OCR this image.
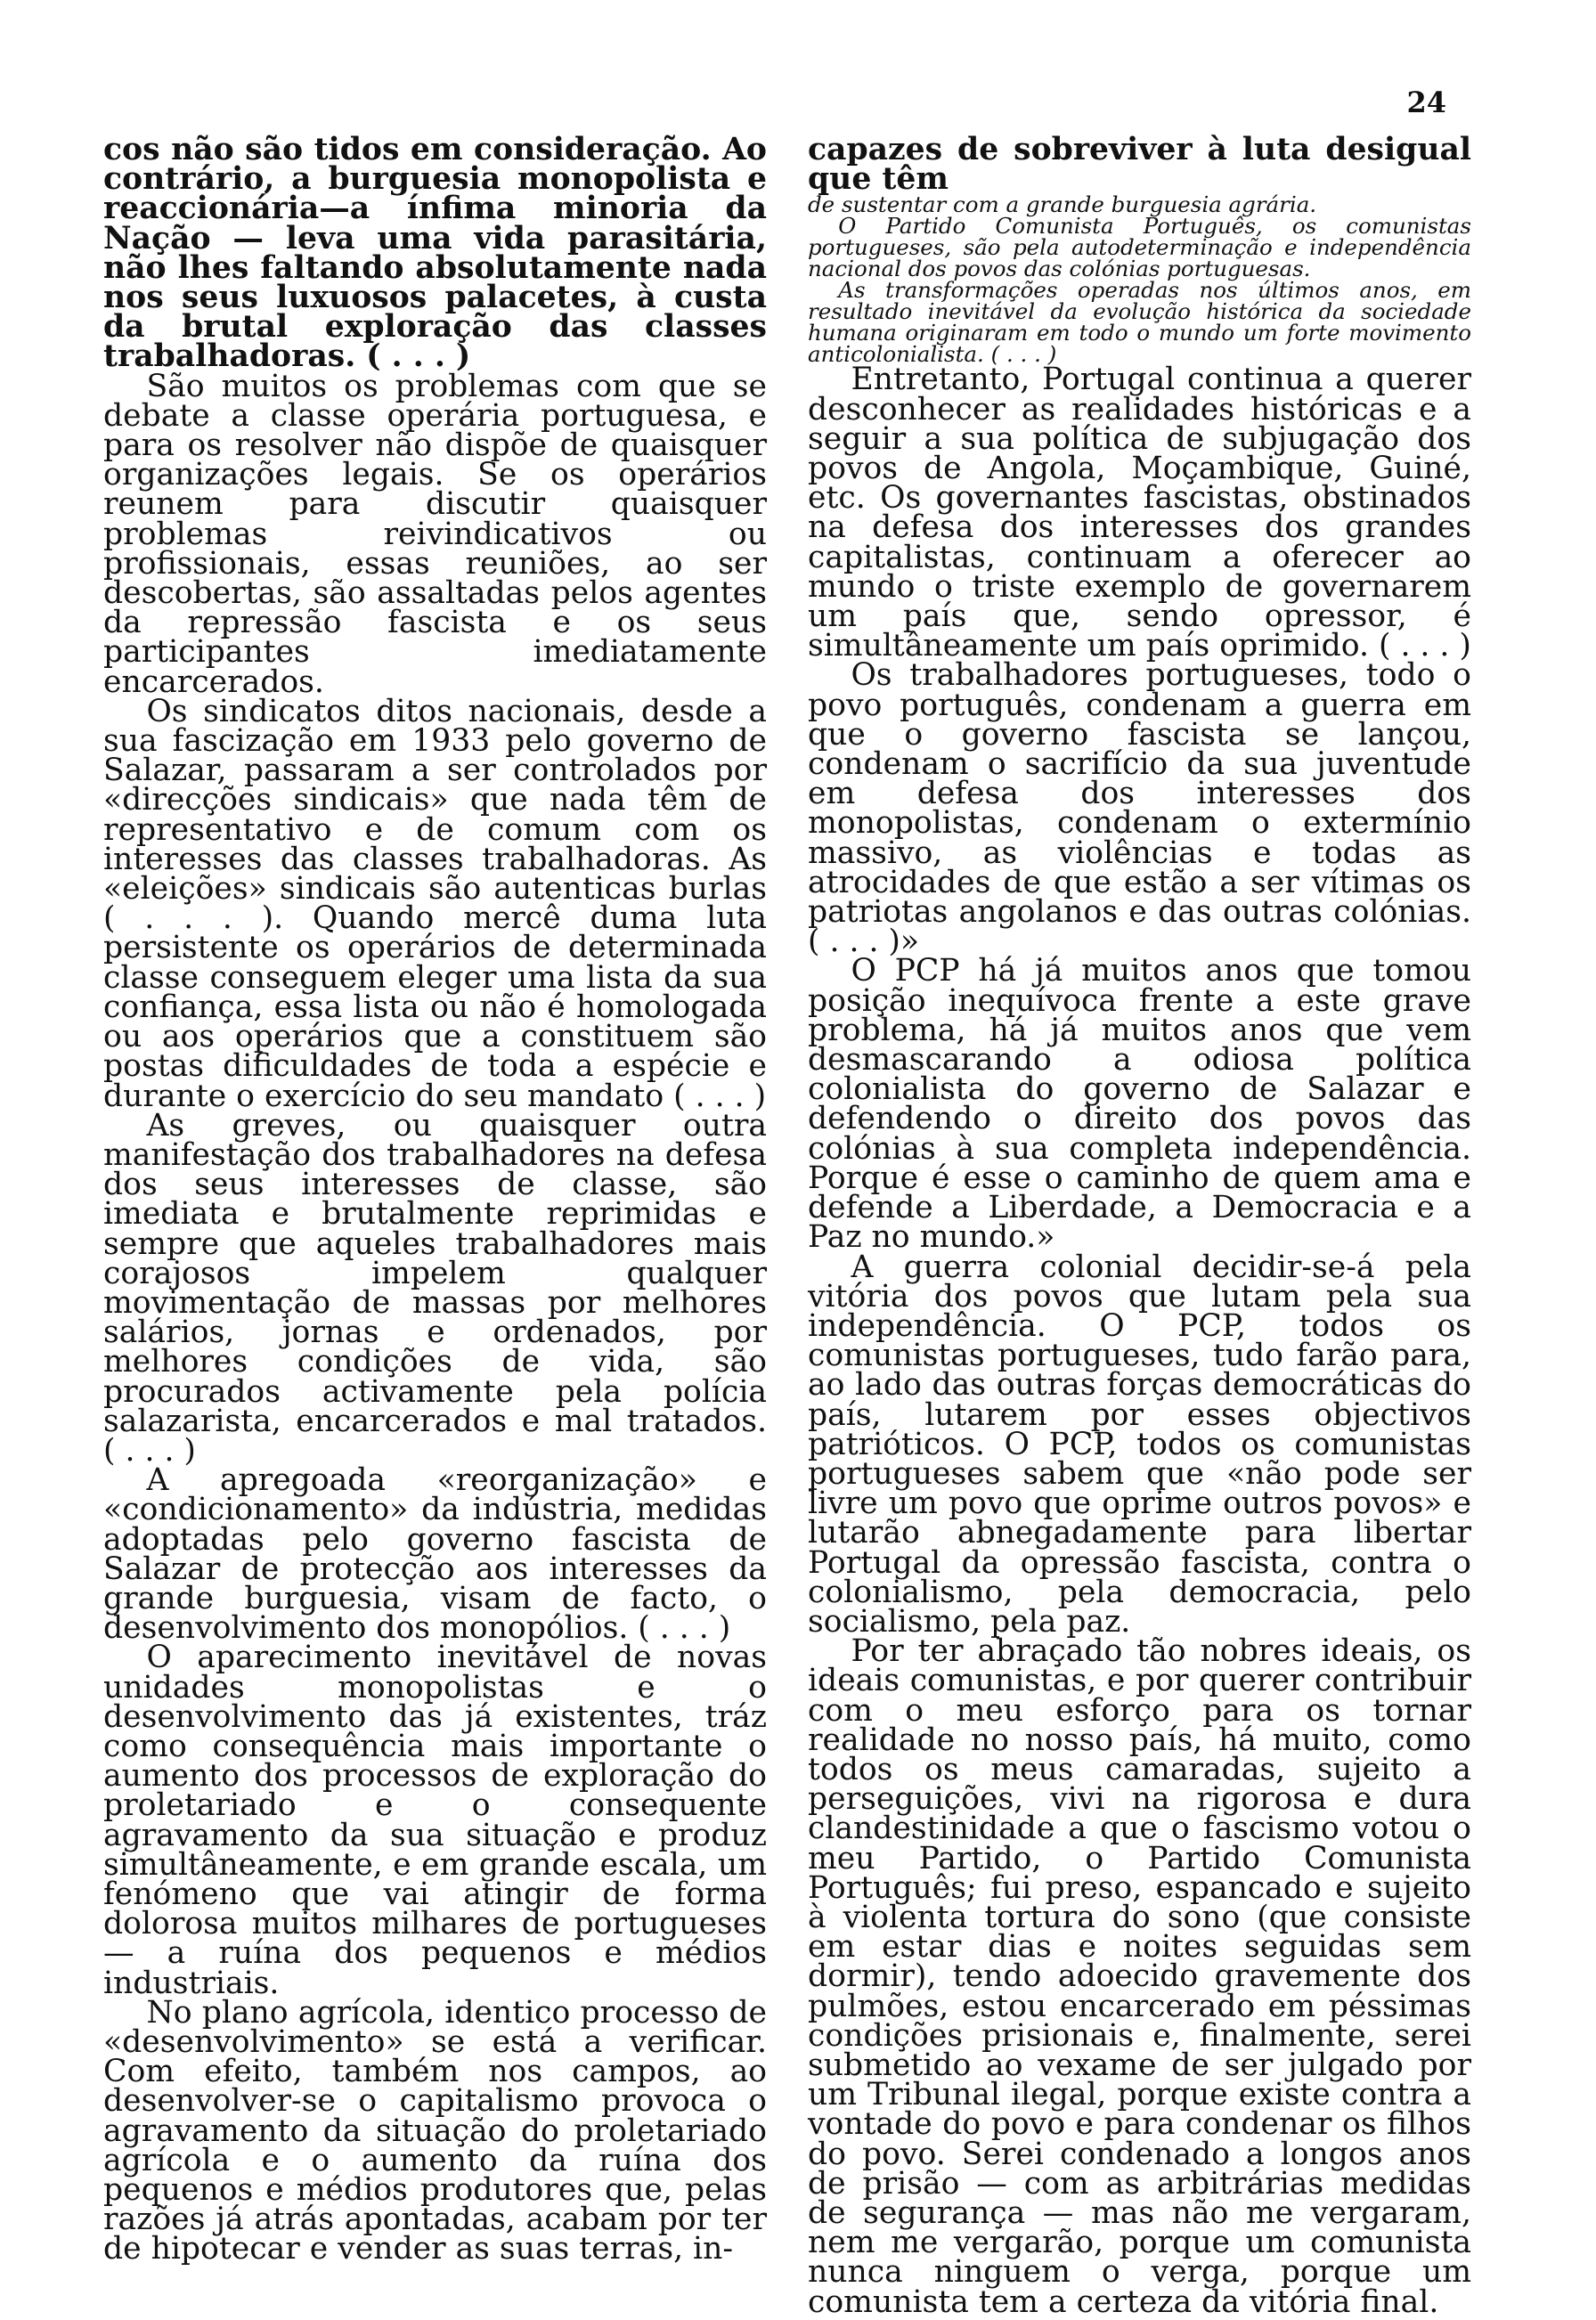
24

cos não são tidos em consideração. Ao contrário, a burguesia monopolista e reaccionária—a ínfima minoria da Nação — leva uma vida parasitária, não lhes faltando absolutamente nada nos seus luxuosos palacetes, à custa da brutal exploração das classes trabalhadoras. ( . . . )

São muitos os problemas com que se debate a classe operária portuguesa, e para os resolver não dispõe de quaisquer organizações legais. Se os operários reunem para discutir quaisquer problemas reivindicativos ou profissionais, essas reuniões, ao ser descobertas, são assaltadas pelos agentes da repressão fascista e os seus participantes imediatamente encarcerados.

Os sindicatos ditos nacionais, desde a sua fascização em 1933 pelo governo de Salazar, passaram a ser controlados por «direcções sindicais» que nada têm de representativo e de comum com os interesses das classes trabalhadoras. As «eleições» sindicais são autenticas burlas ( . . . ). Quando mercê duma luta persistente os operários de determinada classe conseguem eleger uma lista da sua confiança, essa lista ou não é homologada ou aos operários que a constituem são postas dificuldades de toda a espécie e durante o exercício do seu mandato ( . . . )

As greves, ou quaisquer outra manifestação dos trabalhadores na defesa dos seus interesses de classe, são imediata e brutalmente reprimidas e sempre que aqueles trabalhadores mais corajosos impelem qualquer movimentação de massas por melhores salários, jornas e ordenados, por melhores condições de vida, são procurados activamente pela polícia salazarista, encarcerados e mal tratados. ( . . . )

A apregoada «reorganização» e «condicionamento» da indústria, medidas adoptadas pelo governo fascista de Salazar de protecção aos interesses da grande burguesia, visam de facto, o desenvolvimento dos monopólios. ( . . . )

O aparecimento inevitável de novas unidades monopolistas e o desenvolvimento das já existentes, tráz como consequência mais importante o aumento dos processos de exploração do proletariado e o consequente agravamento da sua situação e produz simultâneamente, e em grande escala, um fenómeno que vai atingir de forma dolorosa muitos milhares de portugueses — a ruína dos pequenos e médios industriais.

No plano agrícola, identico processo de «desenvolvimento» se está a verificar. Com efeito, também nos campos, ao desenvolver-se o capitalismo provoca o agravamento da situação do proletariado agrícola e o aumento da ruína dos pequenos e médios produtores que, pelas razões já atrás apontadas, acabam por ter de hipotecar e vender as suas terras, in-

capazes de sobreviver à luta desigual que têm

de sustentar com a grande burguesia agrária.

O Partido Comunista Português, os comunistas portugueses, são pela autodeterminação e independência nacional dos povos das colónias portuguesas.

As transformações operadas nos últimos anos, em resultado inevitável da evolução histórica da sociedade humana originaram em todo o mundo um forte movimento anticolonialista. ( . . . )

Entretanto, Portugal continua a querer desconhecer as realidades históricas e a seguir a sua política de subjugação dos povos de Angola, Moçambique, Guiné, etc. Os governantes fascistas, obstinados na defesa dos interesses dos grandes capitalistas, continuam a oferecer ao mundo o triste exemplo de governarem um país que, sendo opressor, é simultâneamente um país oprimido. ( . . . )

Os trabalhadores portugueses, todo o povo português, condenam a guerra em que o governo fascista se lançou, condenam o sacrifício da sua juventude em defesa dos interesses dos monopolistas, condenam o extermínio massivo, as violências e todas as atrocidades de que estão a ser vítimas os patriotas angolanos e das outras colónias. ( . . . )»

O PCP há já muitos anos que tomou posição inequívoca frente a este grave problema, há já muitos anos que vem desmascarando a odiosa política colonialista do governo de Salazar e defendendo o direito dos povos das colónias à sua completa independência. Porque é esse o caminho de quem ama e defende a Liberdade, a Democracia e a Paz no mundo.»

A guerra colonial decidir-se-á pela vitória dos povos que lutam pela sua independência. O PCP, todos os comunistas portugueses, tudo farão para, ao lado das outras forças democráticas do país, lutarem por esses objectivos patrióticos. O PCP, todos os comunistas portugueses sabem que «não pode ser livre um povo que oprime outros povos» e lutarão abnegadamente para libertar Portugal da opressão fascista, contra o colonialismo, pela democracia, pelo socialismo, pela paz.

Por ter abraçado tão nobres ideais, os ideais comunistas, e por querer contribuir com o meu esforço para os tornar realidade no nosso país, há muito, como todos os meus camaradas, sujeito a perseguições, vivi na rigorosa e dura clandestinidade a que o fascismo votou o meu Partido, o Partido Comunista Português; fui preso, espancado e sujeito à violenta tortura do sono (que consiste em estar dias e noites seguidas sem dormir), tendo adoecido gravemente dos pulmões, estou encarcerado em péssimas condições prisionais e, finalmente, serei submetido ao vexame de ser julgado por um Tribunal ilegal, porque existe contra a vontade do povo e para condenar os filhos do povo. Serei condenado a longos anos de prisão — com as arbitrárias medidas de segurança — mas não me vergaram, nem me vergarão, porque um comunista nunca ninguem o verga, porque um comunista tem a certeza da vitória final.
